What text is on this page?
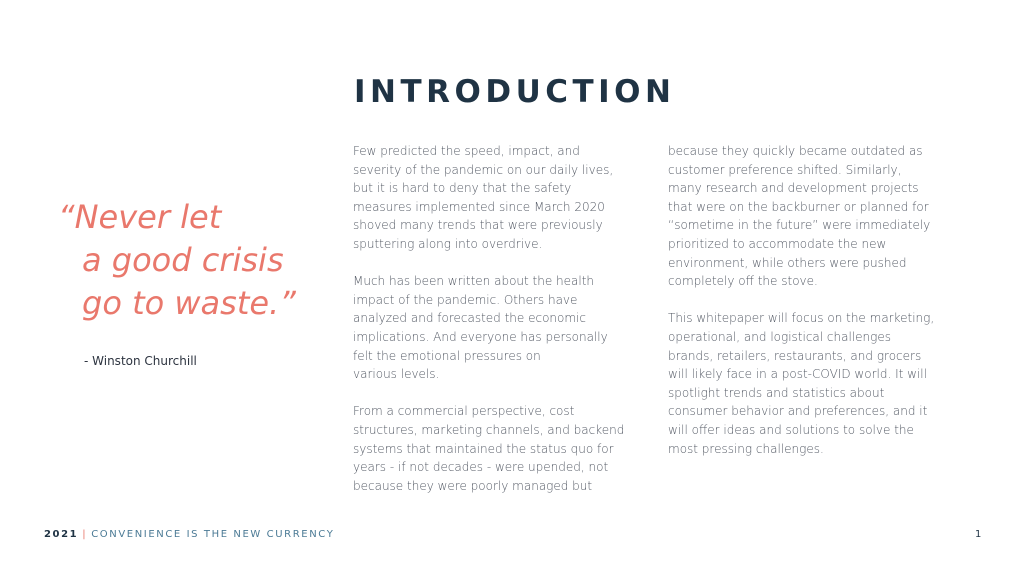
INTRODUCTION
“Never let
a good crisis
go to waste.”
- Winston Churchill
Few predicted the speed, impact, and
severity of the pandemic on our daily lives,
but it is hard to deny that the safety
measures implemented since March 2020
shoved many trends that were previously
sputtering along into overdrive.
Much has been written about the health
impact of the pandemic. Others have
analyzed and forecasted the economic
implications. And everyone has personally
felt the emotional pressures on
various levels.
From a commercial perspective, cost
structures, marketing channels, and backend
systems that maintained the status quo for
years - if not decades - were upended, not
because they were poorly managed but
because they quickly became outdated as
customer preference shifted. Similarly,
many research and development projects
that were on the backburner or planned for
“sometime in the future” were immediately
prioritized to accommodate the new
environment, while others were pushed
completely off the stove.
This whitepaper will focus on the marketing,
operational, and logistical challenges
brands, retailers, restaurants, and grocers
will likely face in a post-COVID world. It will
spotlight trends and statistics about
consumer behavior and preferences, and it
will offer ideas and solutions to solve the
most pressing challenges.
2021 | CONVENIENCE IS THE NEW CURRENCY	1
